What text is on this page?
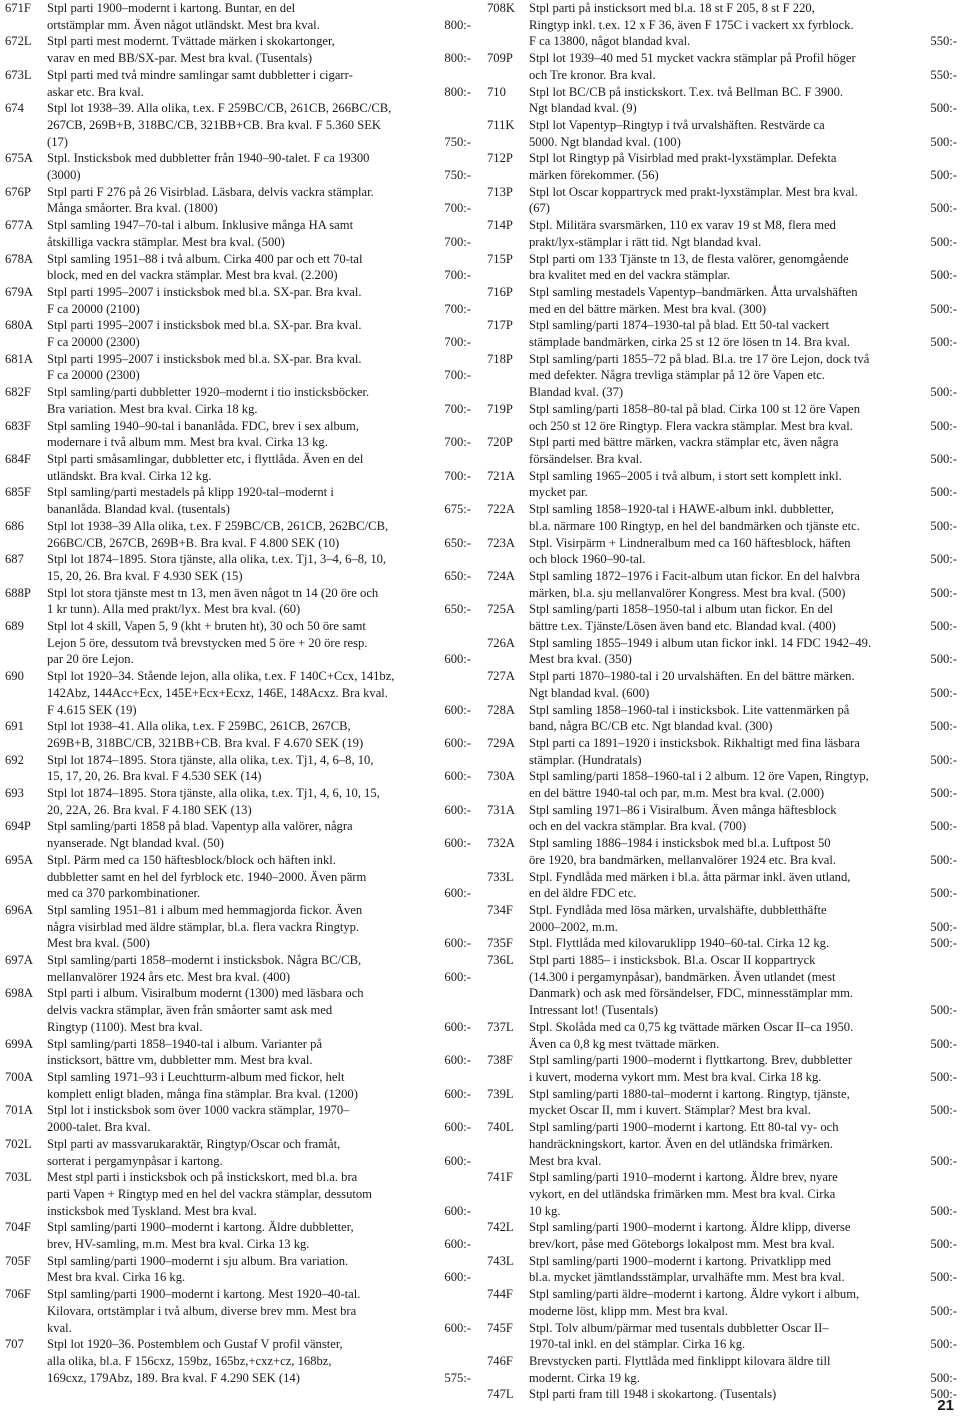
671F	Stpl parti 1900–modernt i kartong. Buntar, en del
ortstämplar mm. Även något utländskt. Mest bra kval.	800:-
672L	Stpl parti mest modernt. Tvättade märken i skokartonger,
varav en med BB/SX-par. Mest bra kval. (Tusentals)	800:-
673L	Stpl parti med två mindre samlingar samt dubbletter i cigarr-
askar etc. Bra kval.	800:-
674	Stpl lot 1938–39. Alla olika, t.ex. F 259BC/CB, 261CB, 266BC/CB,
267CB, 269B+B, 318BC/CB, 321BB+CB. Bra kval. F 5.360 SEK
(17)	750:-
675A	Stpl. Insticksbok med dubbletter från 1940–90-talet. F ca 19300
(3000)	750:-
676P	Stpl parti F 276 på 26 Visirblad. Läsbara, delvis vackra stämplar.
Många småorter. Bra kval. (1800)	700:-
677A	Stpl samling 1947–70-tal i album. Inklusive många HA samt
åtskilliga vackra stämplar. Mest bra kval. (500)	700:-
678A	Stpl samling 1951–88 i två album. Cirka 400 par och ett 70-tal
block, med en del vackra stämplar. Mest bra kval. (2.200)	700:-
679A	Stpl parti 1995–2007 i insticksbok med bl.a. SX-par. Bra kval.
F ca 20000 (2100)	700:-
680A	Stpl parti 1995–2007 i insticksbok med bl.a. SX-par. Bra kval.
F ca 20000 (2300)	700:-
681A	Stpl parti 1995–2007 i insticksbok med bl.a. SX-par. Bra kval.
F ca 20000 (2300)	700:-
682F	Stpl samling/parti dubbletter 1920–modernt i tio insticksböcker.
Bra variation. Mest bra kval. Cirka 18 kg.	700:-
683F	Stpl samling 1940–90-tal i bananlåda. FDC, brev i sex album,
modernare i två album mm. Mest bra kval. Cirka 13 kg.	700:-
684F	Stpl parti småsamlingar, dubbletter etc, i flyttlåda. Även en del
utländskt. Bra kval. Cirka 12 kg.	700:-
685F	Stpl samling/parti mestadels på klipp 1920-tal–modernt i
bananlåda. Blandad kval. (tusentals)	675:-
686	Stpl lot 1938–39 Alla olika, t.ex. F 259BC/CB, 261CB, 262BC/CB,
266BC/CB, 267CB, 269B+B. Bra kval. F 4.800 SEK (10)	650:-
687	Stpl lot 1874–1895. Stora tjänste, alla olika, t.ex. Tj1, 3–4, 6–8, 10,
15, 20, 26. Bra kval. F 4.930 SEK (15)	650:-
688P	Stpl lot stora tjänste mest tn 13, men även något tn 14 (20 öre och
1 kr tunn). Alla med prakt/lyx. Mest bra kval. (60)	650:-
689	Stpl lot 4 skill, Vapen 5, 9 (kht + bruten ht), 30 och 50 öre samt
Lejon 5 öre, dessutom två brevstycken med 5 öre + 20 öre resp.
par 20 öre Lejon.	600:-
690	Stpl lot 1920–34. Stående lejon, alla olika, t.ex. F 140C+Ccx, 141bz,
142Abz, 144Acc+Ecx, 145E+Ecx+Ecxz, 146E, 148Acxz. Bra kval.
F 4.615 SEK (19)	600:-
691	Stpl lot 1938–41. Alla olika, t.ex. F 259BC, 261CB, 267CB,
269B+B, 318BC/CB, 321BB+CB. Bra kval. F 4.670 SEK (19)	600:-
692	Stpl lot 1874–1895. Stora tjänste, alla olika, t.ex. Tj1, 4, 6–8, 10,
15, 17, 20, 26. Bra kval. F 4.530 SEK (14)	600:-
693	Stpl lot 1874–1895. Stora tjänste, alla olika, t.ex. Tj1, 4, 6, 10, 15,
20, 22A, 26. Bra kval. F 4.180 SEK (13)	600:-
694P	Stpl samling/parti 1858 på blad. Vapentyp alla valörer, några
nyanserade. Ngt blandad kval. (50)	600:-
695A	Stpl. Pärm med ca 150 häftesblock/block och häften inkl.
dubbletter samt en hel del fyrblock etc. 1940–2000. Även pärm
med ca 370 parkombinationer.	600:-
696A	Stpl samling 1951–81 i album med hemmagjorda fickor. Även
några visirblad med äldre stämplar, bl.a. flera vackra Ringtyp.
Mest bra kval. (500)	600:-
697A	Stpl samling/parti 1858–modernt i insticksbok. Några BC/CB,
mellanvalörer 1924 års etc. Mest bra kval. (400)	600:-
698A	Stpl parti i album. Visiralbum modernt (1300) med läsbara och
delvis vackra stämplar, även från småorter samt ask med
Ringtyp (1100). Mest bra kval.	600:-
699A	Stpl samling/parti 1858–1940-tal i album. Varianter på
insticksort, bättre vm, dubbletter mm. Mest bra kval.	600:-
700A	Stpl samling 1971–93 i Leuchtturm-album med fickor, helt
komplett enligt bladen, många fina stämplar. Bra kval. (1200)	600:-
701A	Stpl lot i insticksbok som över 1000 vackra stämplar, 1970–
2000-talet. Bra kval.	600:-
702L	Stpl parti av massvarukaraktär, Ringtyp/Oscar och framåt,
sorterat i pergamynpåsar i kartong.	600:-
703L	Mest stpl parti i insticksbok och på instickskort, med bl.a. bra
parti Vapen + Ringtyp med en hel del vackra stämplar, dessutom
insticksbok med Tyskland. Mest bra kval.	600:-
704F	Stpl samling/parti 1900–modernt i kartong. Äldre dubbletter,
brev, HV-samling, m.m. Mest bra kval. Cirka 13 kg.	600:-
705F	Stpl samling/parti 1900–modernt i sju album. Bra variation.
Mest bra kval. Cirka 16 kg.	600:-
706F	Stpl samling/parti 1900–modernt i kartong. Mest 1920–40-tal.
Kilovara, ortstämplar i två album, diverse brev mm. Mest bra
kval.	600:-
707	Stpl lot 1920–36. Postemblem och Gustaf V profil vänster,
alla olika, bl.a. F 156cxz, 159bz, 165bz,+cxz+cz, 168bz,
169cxz, 179Abz, 189. Bra kval. F 4.290 SEK (14)	575:-
708K	Stpl parti på insticksort med bl.a. 18 st F 205, 8 st F 220,
Ringtyp inkl. t.ex. 12 x F 36, även F 175C i vackert xx fyrblock.
F ca 13800, något blandad kval.	550:-
709P	Stpl lot 1939–40 med 51 mycket vackra stämplar på Profil höger
och Tre kronor. Bra kval.	550:-
710	Stpl lot BC/CB på instickskort. T.ex. två Bellman BC. F 3900.
Ngt blandad kval. (9)	500:-
711K	Stpl lot Vapentyp–Ringtyp i två urvalshäften. Restvärde ca
5000. Ngt blandad kval. (100)	500:-
712P	Stpl lot Ringtyp på Visirblad med prakt-lyxstämplar. Defekta
märken förekommer. (56)	500:-
713P	Stpl lot Oscar koppartryck med prakt-lyxstämplar. Mest bra kval.
(67)	500:-
714P	Stpl. Militära svarsmärken, 110 ex varav 19 st M8, flera med
prakt/lyx-stämplar i rätt tid. Ngt blandad kval.	500:-
715P	Stpl parti om 133 Tjänste tn 13, de flesta valörer, genomgående
bra kvalitet med en del vackra stämplar.	500:-
716P	Stpl samling mestadels Vapentyp–bandmärken. Åtta urvalshäften
med en del bättre märken. Mest bra kval. (300)	500:-
717P	Stpl samling/parti 1874–1930-tal på blad. Ett 50-tal vackert
stämplade bandmärken, cirka 25 st 12 öre lösen tn 14. Bra kval.	500:-
718P	Stpl samling/parti 1855–72 på blad. Bl.a. tre 17 öre Lejon, dock två
med defekter. Några trevliga stämplar på 12 öre Vapen etc.
Blandad kval. (37)	500:-
719P	Stpl samling/parti 1858–80-tal på blad. Cirka 100 st 12 öre Vapen
och 250 st 12 öre Ringtyp. Flera vackra stämplar. Mest bra kval.	500:-
720P	Stpl parti med bättre märken, vackra stämplar etc, även några
försändelser. Bra kval.	500:-
721A	Stpl samling 1965–2005 i två album, i stort sett komplett inkl.
mycket par.	500:-
722A	Stpl samling 1858–1920-tal i HAWE-album inkl. dubbletter,
bl.a. närmare 100 Ringtyp, en hel del bandmärken och tjänste etc.	500:-
723A	Stpl. Visirpärm + Lindneralbum med ca 160 häftesblock, häften
och block 1960–90-tal.	500:-
724A	Stpl samling 1872–1976 i Facit-album utan fickor. En del halvbra
märken, bl.a. sju mellanvalörer Kongress. Mest bra kval. (500)	500:-
725A	Stpl samling/parti 1858–1950-tal i album utan fickor. En del
bättre t.ex. Tjänste/Lösen även band etc. Blandad kval. (400)	500:-
726A	Stpl samling 1855–1949 i album utan fickor inkl. 14 FDC 1942–49.
Mest bra kval. (350)	500:-
727A	Stpl parti 1870–1980-tal i 20 urvalshäften. En del bättre märken.
Ngt blandad kval. (600)	500:-
728A	Stpl samling 1858–1960-tal i insticksbok. Lite vattenmärken på
band, några BC/CB etc. Ngt blandad kval. (300)	500:-
729A	Stpl parti ca 1891–1920 i insticksbok. Rikhaltigt med fina läsbara
stämplar. (Hundratals)	500:-
730A	Stpl samling/parti 1858–1960-tal i 2 album. 12 öre Vapen, Ringtyp,
en del bättre 1940-tal och par, m.m. Mest bra kval. (2.000)	500:-
731A	Stpl samling 1971–86 i Visiralbum. Även många häftesblock
och en del vackra stämplar. Bra kval. (700)	500:-
732A	Stpl samling 1886–1984 i insticksbok med bl.a. Luftpost 50
öre 1920, bra bandmärken, mellanvalörer 1924 etc. Bra kval.	500:-
733L	Stpl. Fyndlåda med märken i bl.a. åtta pärmar inkl. även utland,
en del äldre FDC etc.	500:-
734F	Stpl. Fyndlåda med lösa märken, urvalshäfte, dubbletthäfte
2000–2002, m.m.	500:-
735F	Stpl. Flyttlåda med kilovaruklipp 1940–60-tal. Cirka 12 kg.	500:-
736L	Stpl parti 1885– i insticksbok. Bl.a. Oscar II koppartryck
(14.300 i pergamynpåsar), bandmärken. Även utlandet (mest
Danmark) och ask med försändelser, FDC, minnesstämplar mm.
Intressant lot! (Tusentals)	500:-
737L	Stpl. Skolåda med ca 0,75 kg tvättade märken Oscar II–ca 1950.
Även ca 0,8 kg mest tvättade märken.	500:-
738F	Stpl samling/parti 1900–modernt i flyttkartong. Brev, dubbletter
i kuvert, moderna vykort mm. Mest bra kval. Cirka 18 kg.	500:-
739L	Stpl samling/parti 1880-tal–modernt i kartong. Ringtyp, tjänste,
mycket Oscar II, mm i kuvert. Stämplar? Mest bra kval.	500:-
740L	Stpl samling/parti 1900–modernt i kartong. Ett 80-tal vy- och
handräckningskort, kartor. Även en del utländska frimärken.
Mest bra kval.	500:-
741F	Stpl samling/parti 1910–modernt i kartong. Äldre brev, nyare
vykort, en del utländska frimärken mm. Mest bra kval. Cirka
10 kg.	500:-
742L	Stpl samling/parti 1900–modernt i kartong. Äldre klipp, diverse
brev/kort, påse med Göteborgs lokalpost mm. Mest bra kval.	500:-
743L	Stpl samling/parti 1900–modernt i kartong. Privatklipp med
bl.a. mycket jämtlandsstämplar, urvalhäfte mm. Mest bra kval.	500:-
744F	Stpl samling/parti äldre–modernt i kartong. Äldre vykort i album,
moderne löst, klipp mm. Mest bra kval.	500:-
745F	Stpl. Tolv album/pärmar med tusentals dubbletter Oscar II–
1970-tal inkl. en del stämplar. Cirka 16 kg.	500:-
746F	Brevstycken parti. Flyttlåda med finklippt kilovara äldre till
modernt. Cirka 19 kg.	500:-
747L	Stpl parti fram till 1948 i skokartong. (Tusentals)	500:-
21
